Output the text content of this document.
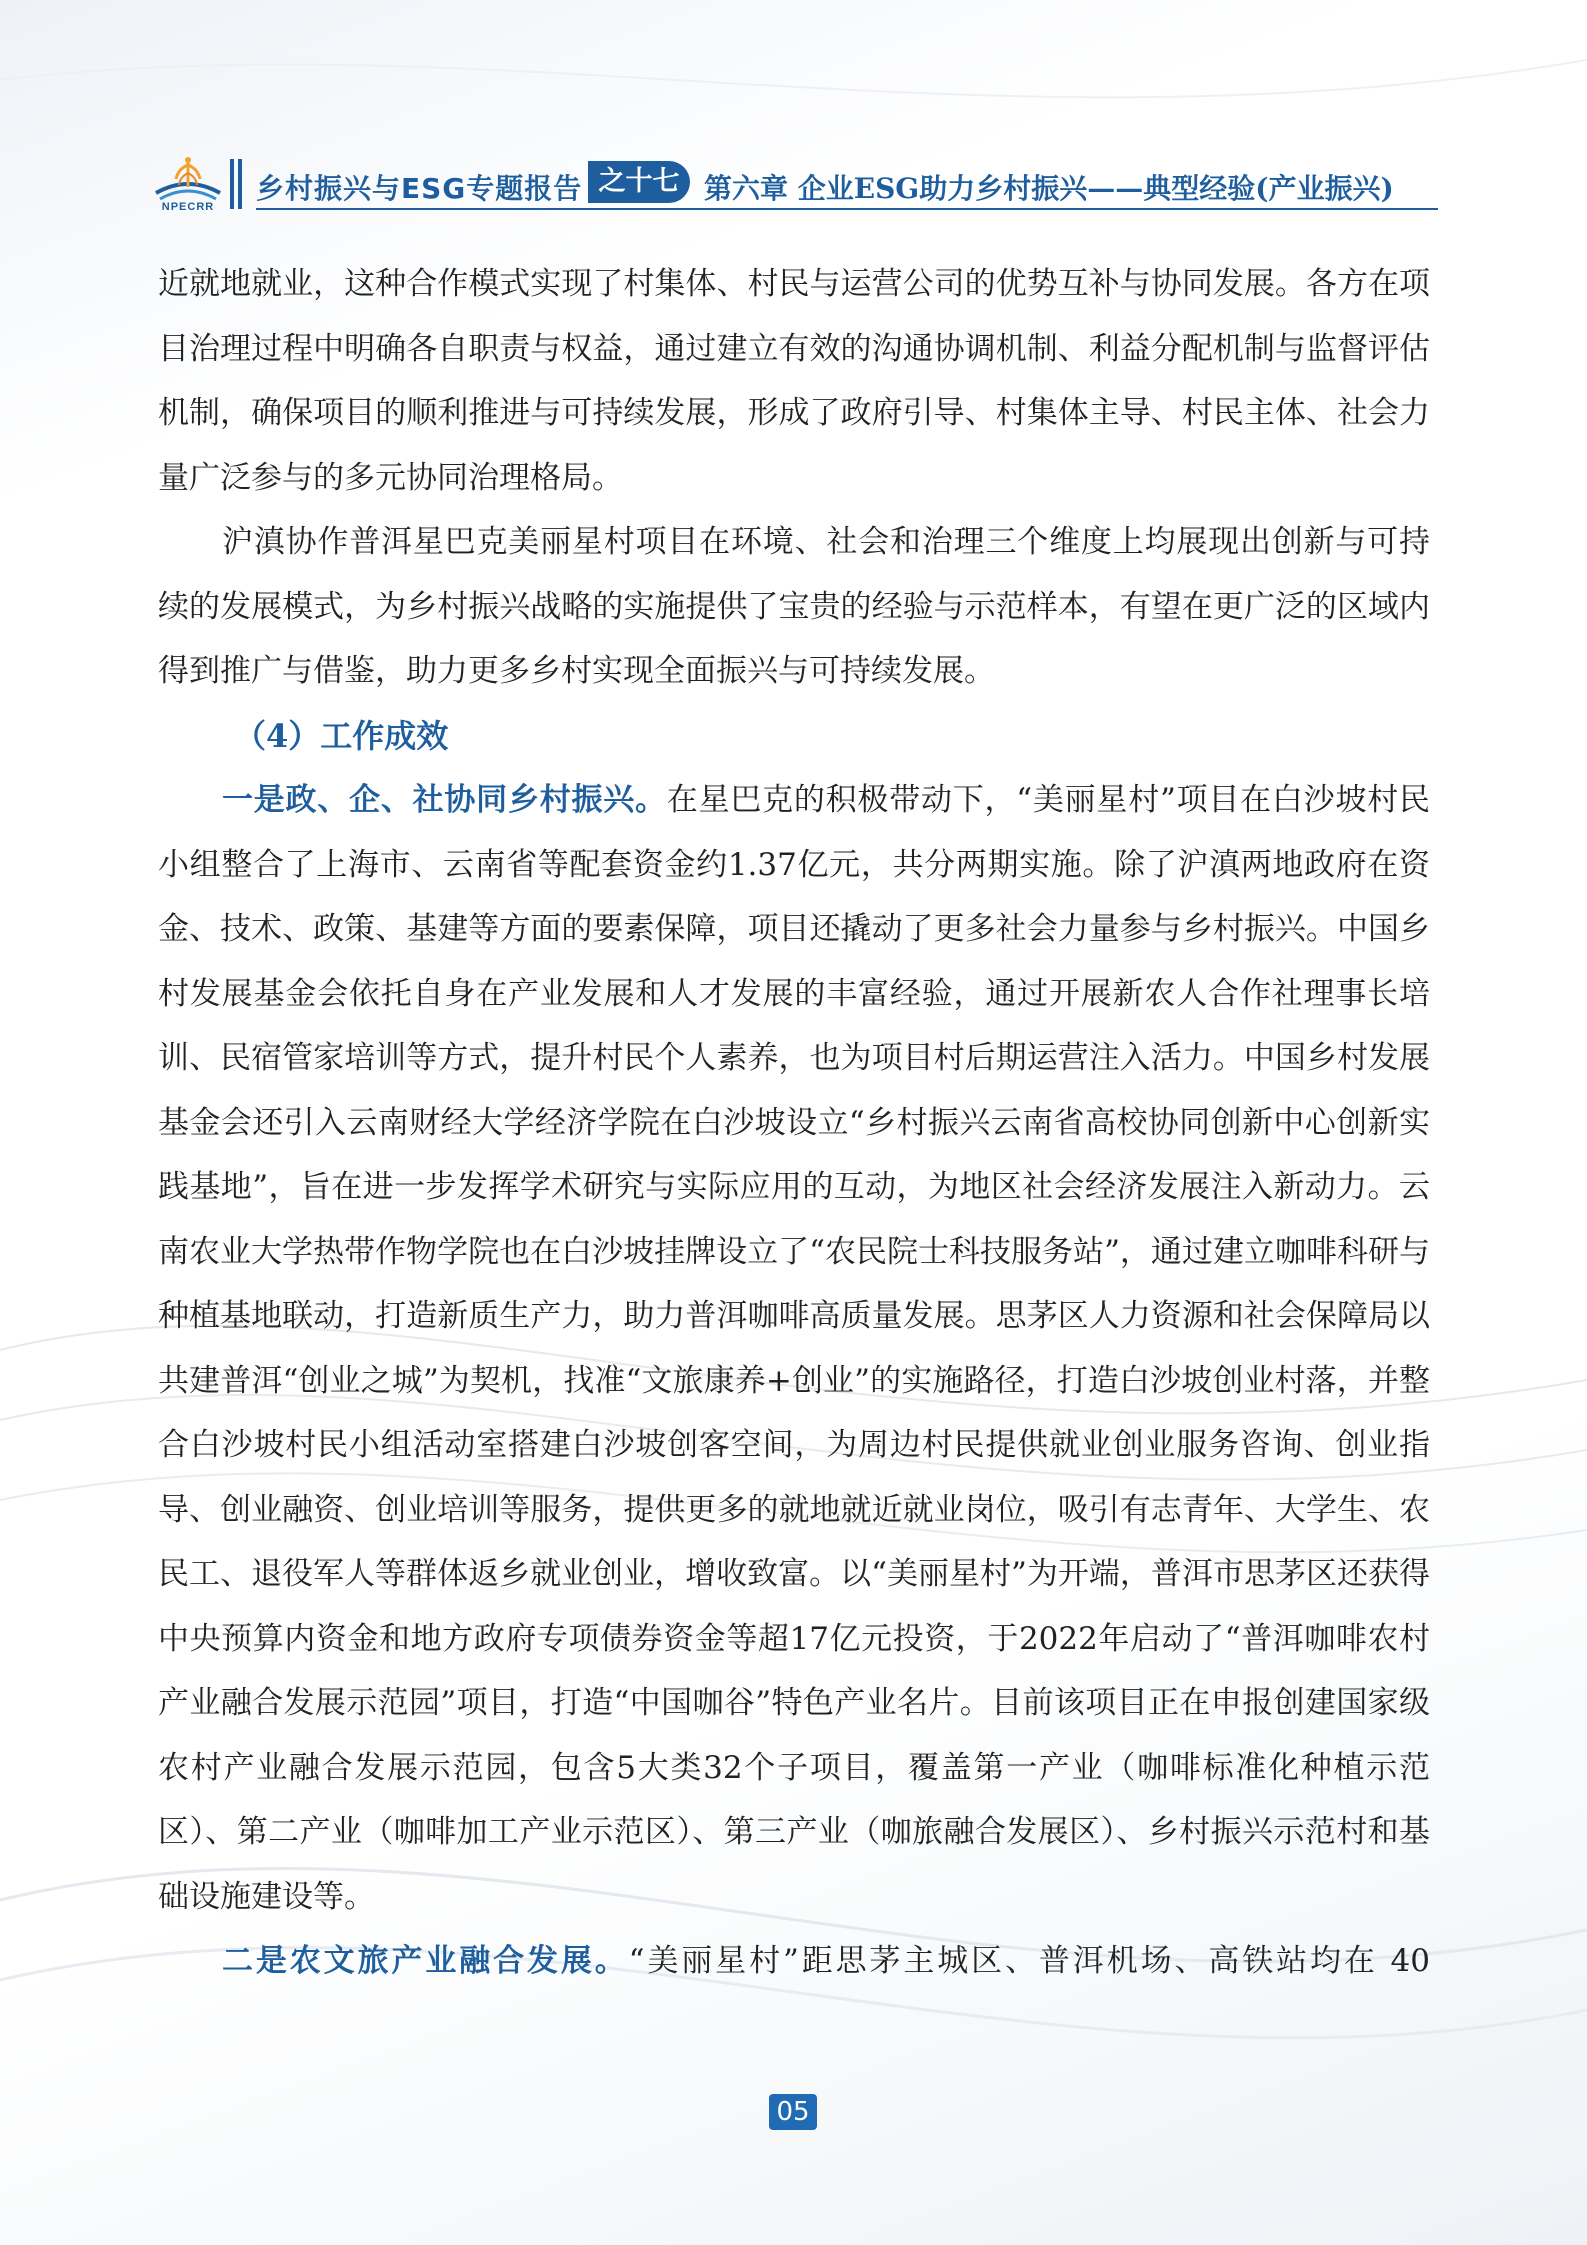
NPECRR
乡村振兴与ESG专题报告 之十七 第六章 企业ESG助力乡村振兴——典型经验(产业振兴)

近就地就业，这种合作模式实现了村集体、村民与运营公司的优势互补与协同发展。各方在项目治理过程中明确各自职责与权益，通过建立有效的沟通协调机制、利益分配机制与监督评估机制，确保项目的顺利推进与可持续发展，形成了政府引导、村集体主导、村民主体、社会力量广泛参与的多元协同治理格局。

沪滇协作普洱星巴克美丽星村项目在环境、社会和治理三个维度上均展现出创新与可持续的发展模式，为乡村振兴战略的实施提供了宝贵的经验与示范样本，有望在更广泛的区域内得到推广与借鉴，助力更多乡村实现全面振兴与可持续发展。

（4）工作成效

一是政、企、社协同乡村振兴。在星巴克的积极带动下，“美丽星村”项目在白沙坡村民小组整合了上海市、云南省等配套资金约1.37亿元，共分两期实施。除了沪滇两地政府在资金、技术、政策、基建等方面的要素保障，项目还撬动了更多社会力量参与乡村振兴。中国乡村发展基金会依托自身在产业发展和人才发展的丰富经验，通过开展新农人合作社理事长培训、民宿管家培训等方式，提升村民个人素养，也为项目村后期运营注入活力。中国乡村发展基金会还引入云南财经大学经济学院在白沙坡设立“乡村振兴云南省高校协同创新中心创新实践基地”，旨在进一步发挥学术研究与实际应用的互动，为地区社会经济发展注入新动力。云南农业大学热带作物学院也在白沙坡挂牌设立了“农民院士科技服务站”，通过建立咖啡科研与种植基地联动，打造新质生产力，助力普洱咖啡高质量发展。思茅区人力资源和社会保障局以共建普洱“创业之城”为契机，找准“文旅康养+创业”的实施路径，打造白沙坡创业村落，并整合白沙坡村民小组活动室搭建白沙坡创客空间，为周边村民提供就业创业服务咨询、创业指导、创业融资、创业培训等服务，提供更多的就地就近就业岗位，吸引有志青年、大学生、农民工、退役军人等群体返乡就业创业，增收致富。以“美丽星村”为开端，普洱市思茅区还获得中央预算内资金和地方政府专项债券资金等超17亿元投资，于2022年启动了“普洱咖啡农村产业融合发展示范园”项目，打造“中国咖谷”特色产业名片。目前该项目正在申报创建国家级农村产业融合发展示范园，包含5大类32个子项目，覆盖第一产业（咖啡标准化种植示范区）、第二产业（咖啡加工产业示范区）、第三产业（咖旅融合发展区）、乡村振兴示范村和基础设施建设等。

二是农文旅产业融合发展。“美丽星村”距思茅主城区、普洱机场、高铁站均在 40

05
